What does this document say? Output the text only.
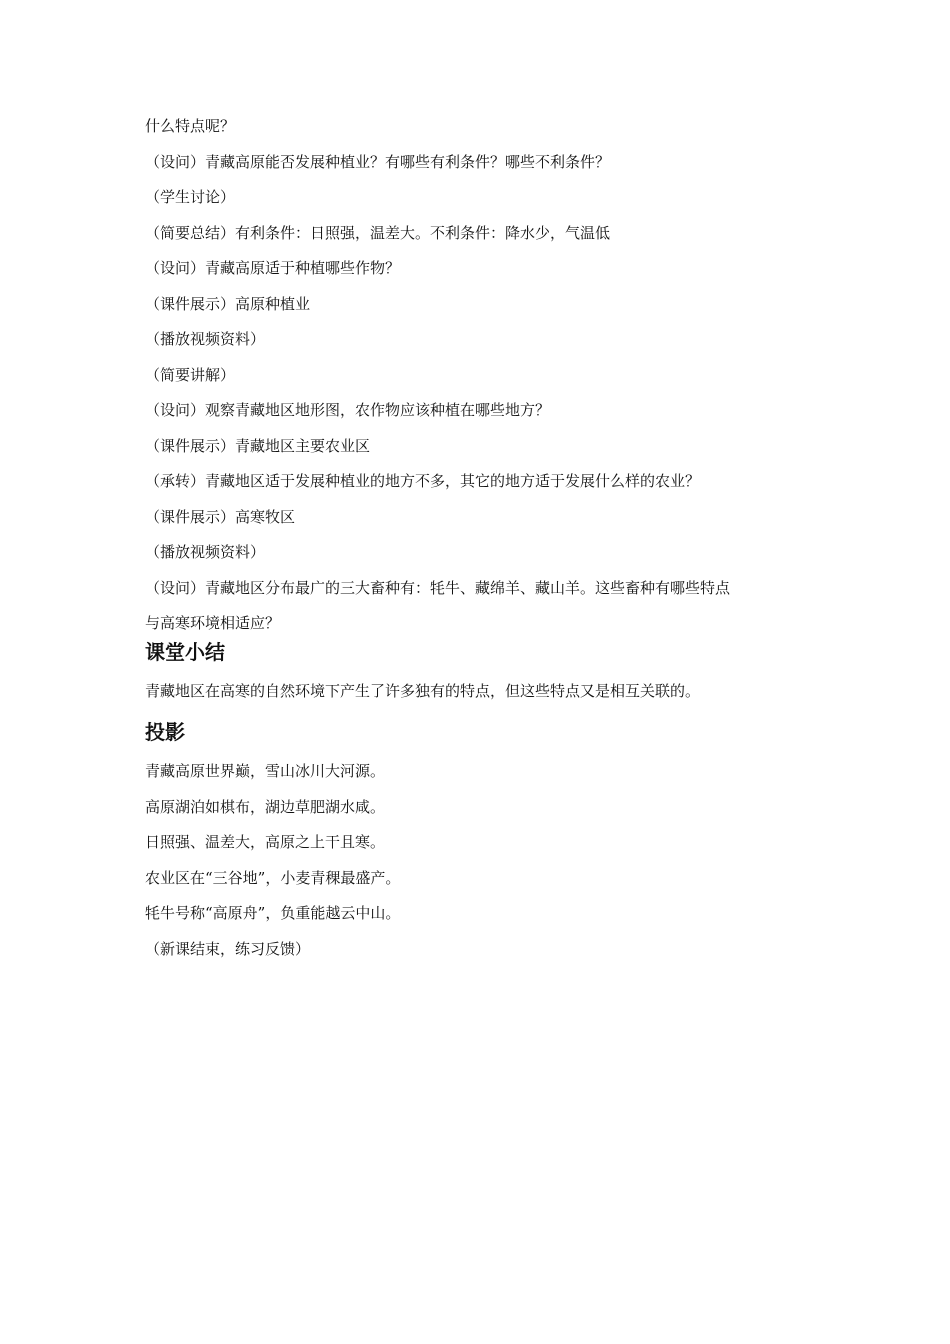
什么特点呢？

（设问）青藏高原能否发展种植业？有哪些有利条件？哪些不利条件？

（学生讨论）

（简要总结）有利条件：日照强，温差大。不利条件：降水少，气温低

（设问）青藏高原适于种植哪些作物？

（课件展示）高原种植业

（播放视频资料）

（简要讲解）

（设问）观察青藏地区地形图，农作物应该种植在哪些地方？

（课件展示）青藏地区主要农业区

（承转）青藏地区适于发展种植业的地方不多，其它的地方适于发展什么样的农业？

（课件展示）高寒牧区

（播放视频资料）

（设问）青藏地区分布最广的三大畜种有：牦牛、藏绵羊、藏山羊。这些畜种有哪些特点
与高寒环境相适应？
课堂小结

青藏地区在高寒的自然环境下产生了许多独有的特点，但这些特点又是相互关联的。

投影

青藏高原世界巅，雪山冰川大河源。

高原湖泊如棋布，湖边草肥湖水咸。

日照强、温差大，高原之上干且寒。

农业区在“三谷地”，小麦青稞最盛产。

牦牛号称“高原舟”，负重能越云中山。

（新课结束，练习反馈）
